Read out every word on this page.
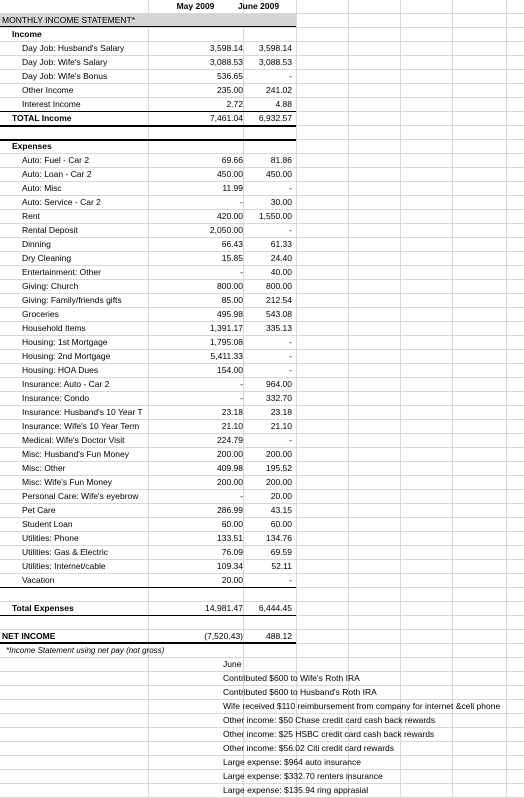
May 2009	June 2009
MONTHLY INCOME STATEMENT*
Income
Day Job: Husband's Salary	3,598.14	3,598.14
Day Job: Wife's Salary	3,088.53	3,088.53
Day Job: Wife's Bonus	536.65	-
Other Income	235.00	241.02
Interest Income	2.72	4.88
TOTAL Income	7,461.04	6,932.57
Expenses
Auto: Fuel - Car 2	69.66	81.86
Auto: Loan - Car 2	450.00	450.00
Auto: Misc	11.99	-
Auto: Service - Car 2	-	30.00
Rent	420.00	1,550.00
Rental Deposit	2,050.00	-
Dinning	66.43	61.33
Dry Cleaning	15.85	24.40
Entertainment: Other	-	40.00
Giving: Church	800.00	800.00
Giving: Family/friends gifts	85.00	212.54
Groceries	495.98	543.08
Household Items	1,391.17	335.13
Housing: 1st Mortgage	1,795.08	-
Housing: 2nd Mortgage	5,411.33	-
Housing: HOA Dues	154.00	-
Insurance: Auto - Car 2	-	964.00
Insurance: Condo	-	332.70
Insurance: Husband's 10 Year T	23.18	23.18
Insurance: Wife's 10 Year Term	21.10	21.10
Medical: Wife's Doctor Visit	224.79	-
Misc: Husband's Fun Money	200.00	200.00
Misc: Other	409.98	195.52
Misc: Wife's Fun Money	200.00	200.00
Personal Care: Wife's eyebrow	-	20.00
Pet Care	286.99	43.15
Student Loan	60.00	60.00
Utilities: Phone	133.51	134.76
Utilities: Gas & Electric	76.09	69.59
Utilities: Internet/cable	109.34	52.11
Vacation	20.00	-
Total Expenses	14,981.47	6,444.45
NET INCOME	(7,520.43)	488.12
*Income Statement using net pay (not gross)
June
Contributed $600 to Wife's Roth IRA
Contributed $600 to Husband's Roth IRA
Wife received $110 reimbursement from company for internet &cell phone
Other income: $50 Chase credit card cash back rewards
Other income: $25 HSBC credit card cash back rewards
Other income: $56.02 Citi credit card rewards
Large expense: $964 auto insurance
Large expense: $332.70 renters insurance
Large expense: $135.94 ring apprasial
